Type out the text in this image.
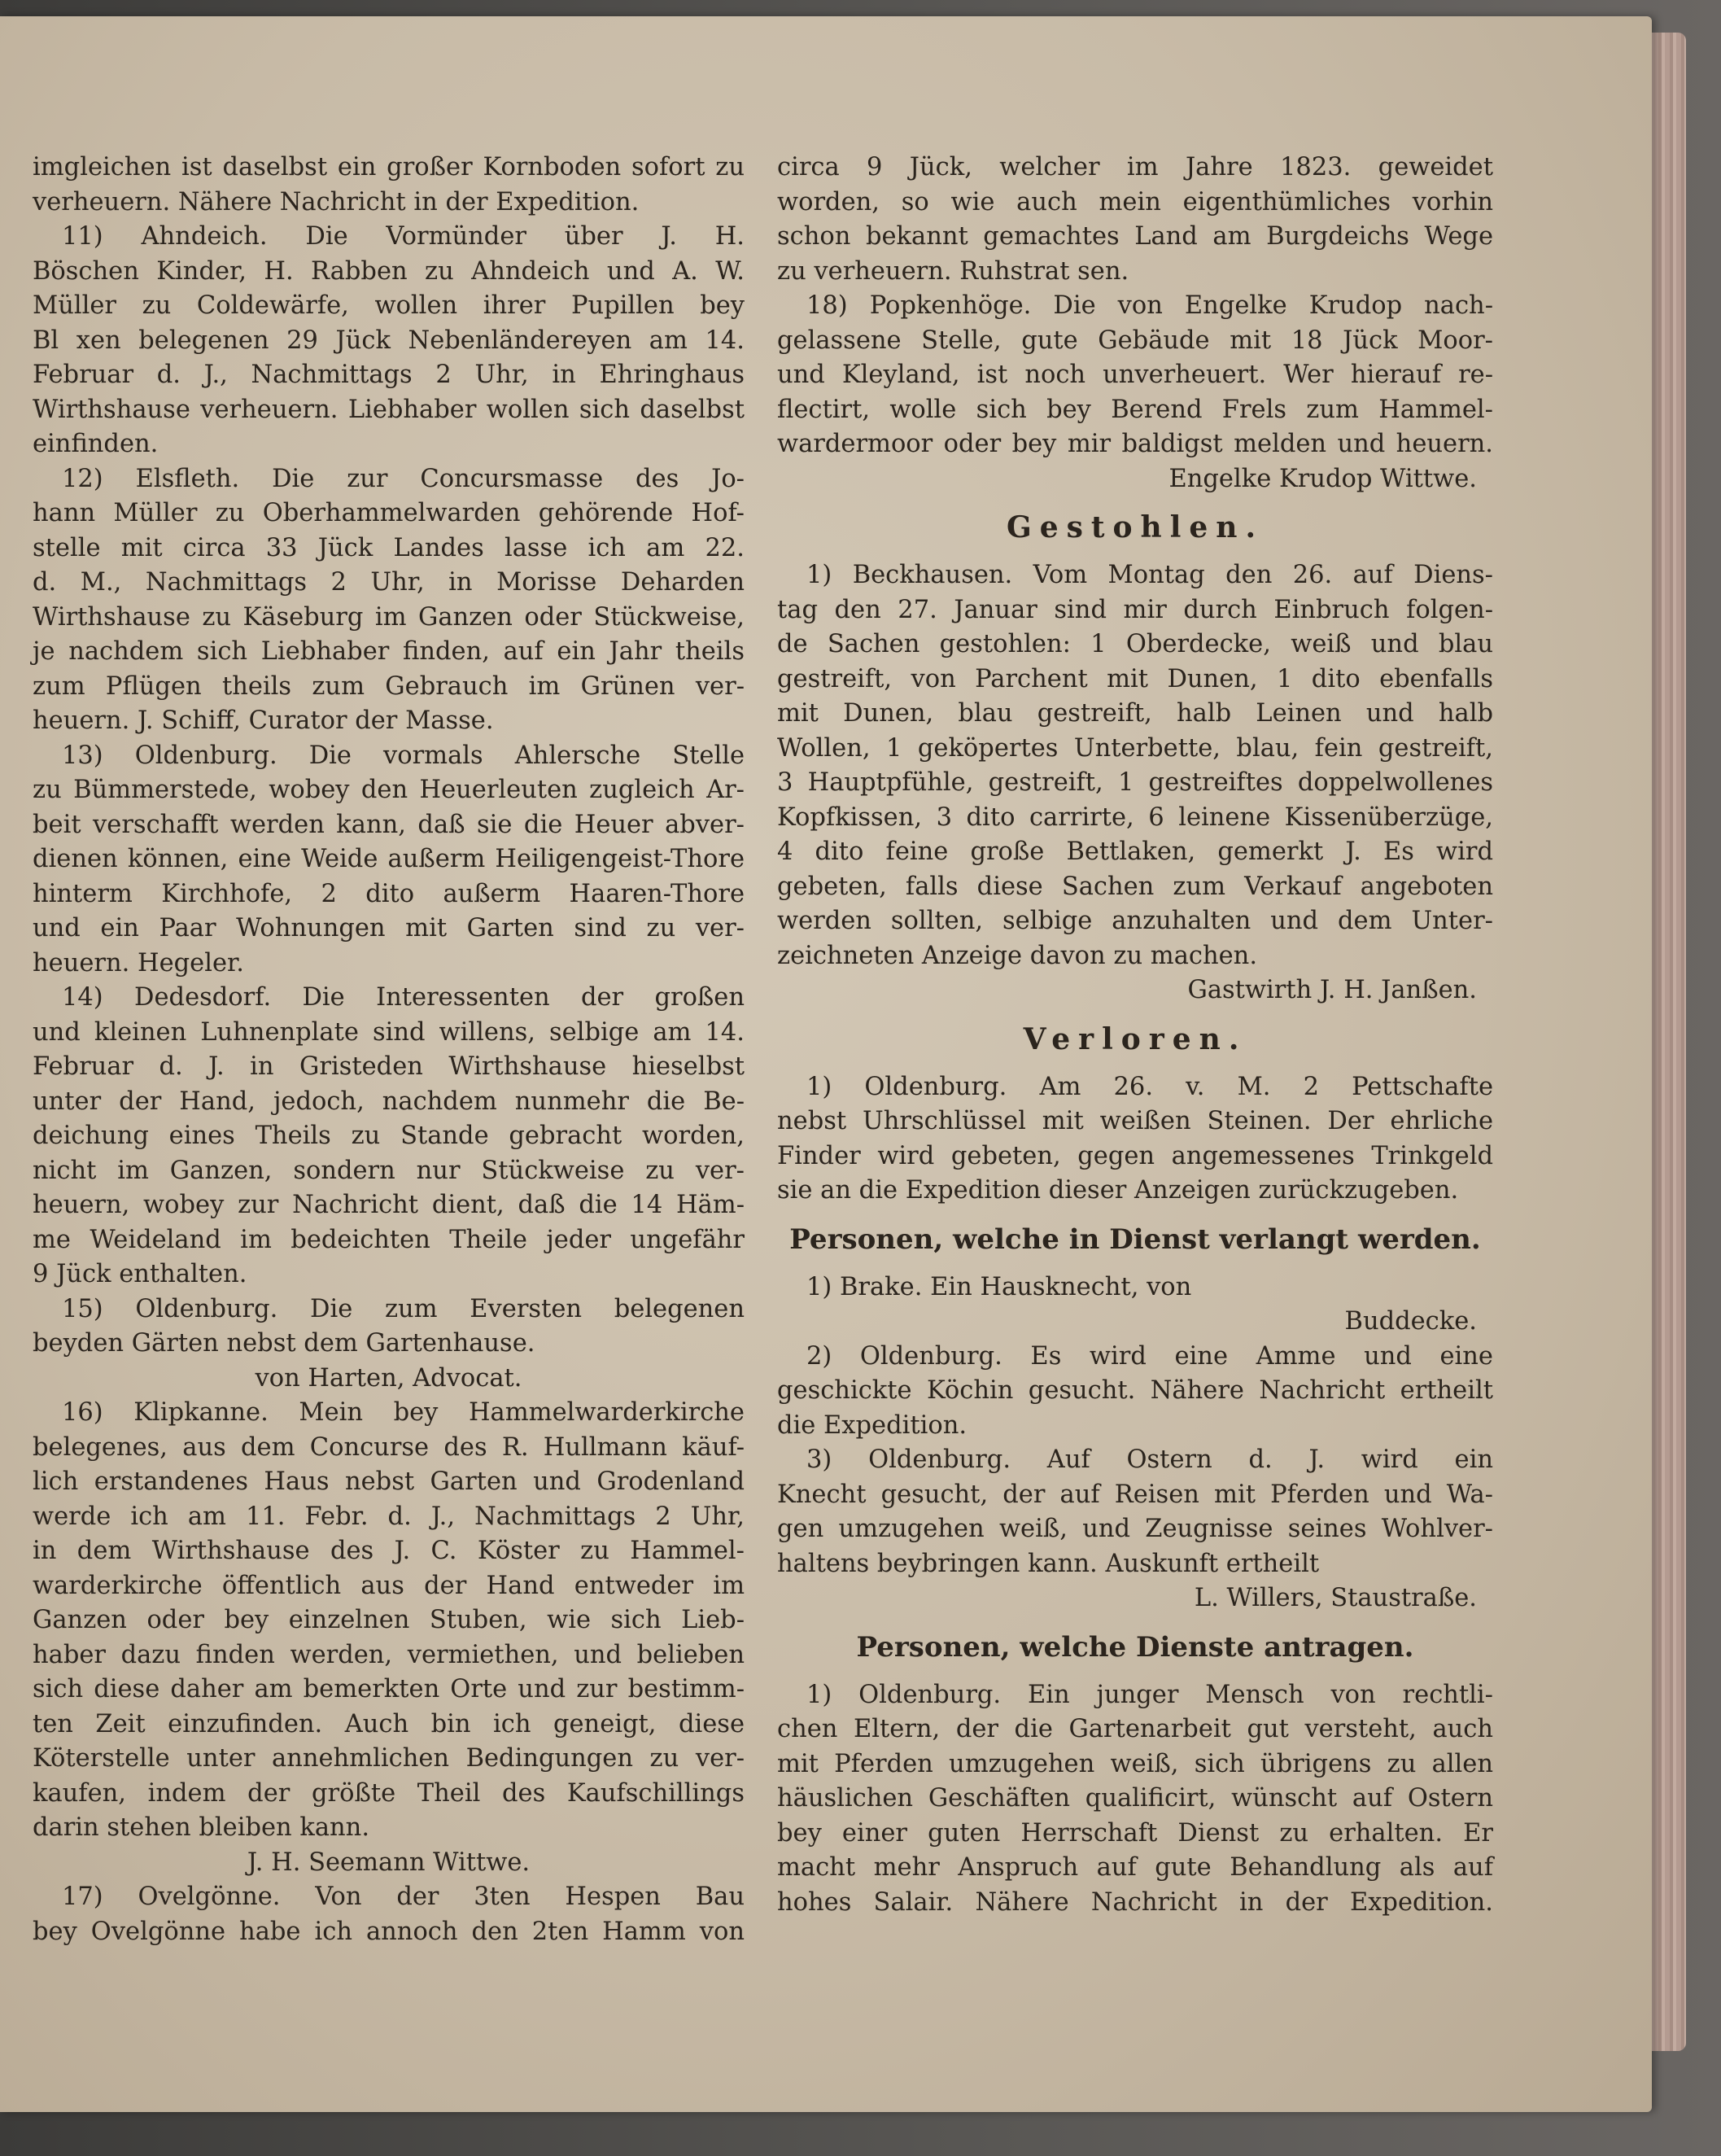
imgleichen ist daselbst ein großer Kornboden sofort zu
verheuern. Nähere Nachricht in der Expedition.
11) Ahndeich. Die Vormünder über J. H.
Böschen Kinder, H. Rabben zu Ahndeich und A. W.
Müller zu Coldewärfe, wollen ihrer Pupillen bey
Bl xen belegenen 29 Jück Nebenländereyen am 14.
Februar d. J., Nachmittags 2 Uhr, in Ehringhaus
Wirthshause verheuern. Liebhaber wollen sich daselbst
einfinden.
12) Elsfleth. Die zur Concursmasse des Jo-
hann Müller zu Oberhammelwarden gehörende Hof-
stelle mit circa 33 Jück Landes lasse ich am 22.
d. M., Nachmittags 2 Uhr, in Morisse Deharden
Wirthshause zu Käseburg im Ganzen oder Stückweise,
je nachdem sich Liebhaber finden, auf ein Jahr theils
zum Pflügen theils zum Gebrauch im Grünen ver-
heuern. J. Schiff, Curator der Masse.
13) Oldenburg. Die vormals Ahlersche Stelle
zu Bümmerstede, wobey den Heuerleuten zugleich Ar-
beit verschafft werden kann, daß sie die Heuer abver-
dienen können, eine Weide außerm Heiligengeist-Thore
hinterm Kirchhofe, 2 dito außerm Haaren-Thore
und ein Paar Wohnungen mit Garten sind zu ver-
heuern. Hegeler.
14) Dedesdorf. Die Interessenten der großen
und kleinen Luhnenplate sind willens, selbige am 14.
Februar d. J. in Gristeden Wirthshause hieselbst
unter der Hand, jedoch, nachdem nunmehr die Be-
deichung eines Theils zu Stande gebracht worden,
nicht im Ganzen, sondern nur Stückweise zu ver-
heuern, wobey zur Nachricht dient, daß die 14 Häm-
me Weideland im bedeichten Theile jeder ungefähr
9 Jück enthalten.
15) Oldenburg. Die zum Eversten belegenen
beyden Gärten nebst dem Gartenhause.
von Harten, Advocat.
16) Klipkanne. Mein bey Hammelwarderkirche
belegenes, aus dem Concurse des R. Hullmann käuf-
lich erstandenes Haus nebst Garten und Grodenland
werde ich am 11. Febr. d. J., Nachmittags 2 Uhr,
in dem Wirthshause des J. C. Köster zu Hammel-
warderkirche öffentlich aus der Hand entweder im
Ganzen oder bey einzelnen Stuben, wie sich Lieb-
haber dazu finden werden, vermiethen, und belieben
sich diese daher am bemerkten Orte und zur bestimm-
ten Zeit einzufinden. Auch bin ich geneigt, diese
Köterstelle unter annehmlichen Bedingungen zu ver-
kaufen, indem der größte Theil des Kaufschillings
darin stehen bleiben kann.
J. H. Seemann Wittwe.
17) Ovelgönne. Von der 3ten Hespen Bau
bey Ovelgönne habe ich annoch den 2ten Hamm von
circa 9 Jück, welcher im Jahre 1823. geweidet
worden, so wie auch mein eigenthümliches vorhin
schon bekannt gemachtes Land am Burgdeichs Wege
zu verheuern. Ruhstrat sen.
18) Popkenhöge. Die von Engelke Krudop nach-
gelassene Stelle, gute Gebäude mit 18 Jück Moor-
und Kleyland, ist noch unverheuert. Wer hierauf re-
flectirt, wolle sich bey Berend Frels zum Hammel-
wardermoor oder bey mir baldigst melden und heuern.
Engelke Krudop Wittwe.
Gestohlen.
1) Beckhausen. Vom Montag den 26. auf Diens-
tag den 27. Januar sind mir durch Einbruch folgen-
de Sachen gestohlen: 1 Oberdecke, weiß und blau
gestreift, von Parchent mit Dunen, 1 dito ebenfalls
mit Dunen, blau gestreift, halb Leinen und halb
Wollen, 1 geköpertes Unterbette, blau, fein gestreift,
3 Hauptpfühle, gestreift, 1 gestreiftes doppelwollenes
Kopfkissen, 3 dito carrirte, 6 leinene Kissenüberzüge,
4 dito feine große Bettlaken, gemerkt J. Es wird
gebeten, falls diese Sachen zum Verkauf angeboten
werden sollten, selbige anzuhalten und dem Unter-
zeichneten Anzeige davon zu machen.
Gastwirth J. H. Janßen.
Verloren.
1) Oldenburg. Am 26. v. M. 2 Pettschafte
nebst Uhrschlüssel mit weißen Steinen. Der ehrliche
Finder wird gebeten, gegen angemessenes Trinkgeld
sie an die Expedition dieser Anzeigen zurückzugeben.
Personen, welche in Dienst verlangt werden.
1) Brake. Ein Hausknecht, von
Buddecke.
2) Oldenburg. Es wird eine Amme und eine
geschickte Köchin gesucht. Nähere Nachricht ertheilt
die Expedition.
3) Oldenburg. Auf Ostern d. J. wird ein
Knecht gesucht, der auf Reisen mit Pferden und Wa-
gen umzugehen weiß, und Zeugnisse seines Wohlver-
haltens beybringen kann. Auskunft ertheilt
L. Willers, Staustraße.
Personen, welche Dienste antragen.
1) Oldenburg. Ein junger Mensch von rechtli-
chen Eltern, der die Gartenarbeit gut versteht, auch
mit Pferden umzugehen weiß, sich übrigens zu allen
häuslichen Geschäften qualificirt, wünscht auf Ostern
bey einer guten Herrschaft Dienst zu erhalten. Er
macht mehr Anspruch auf gute Behandlung als auf
hohes Salair. Nähere Nachricht in der Expedition.
